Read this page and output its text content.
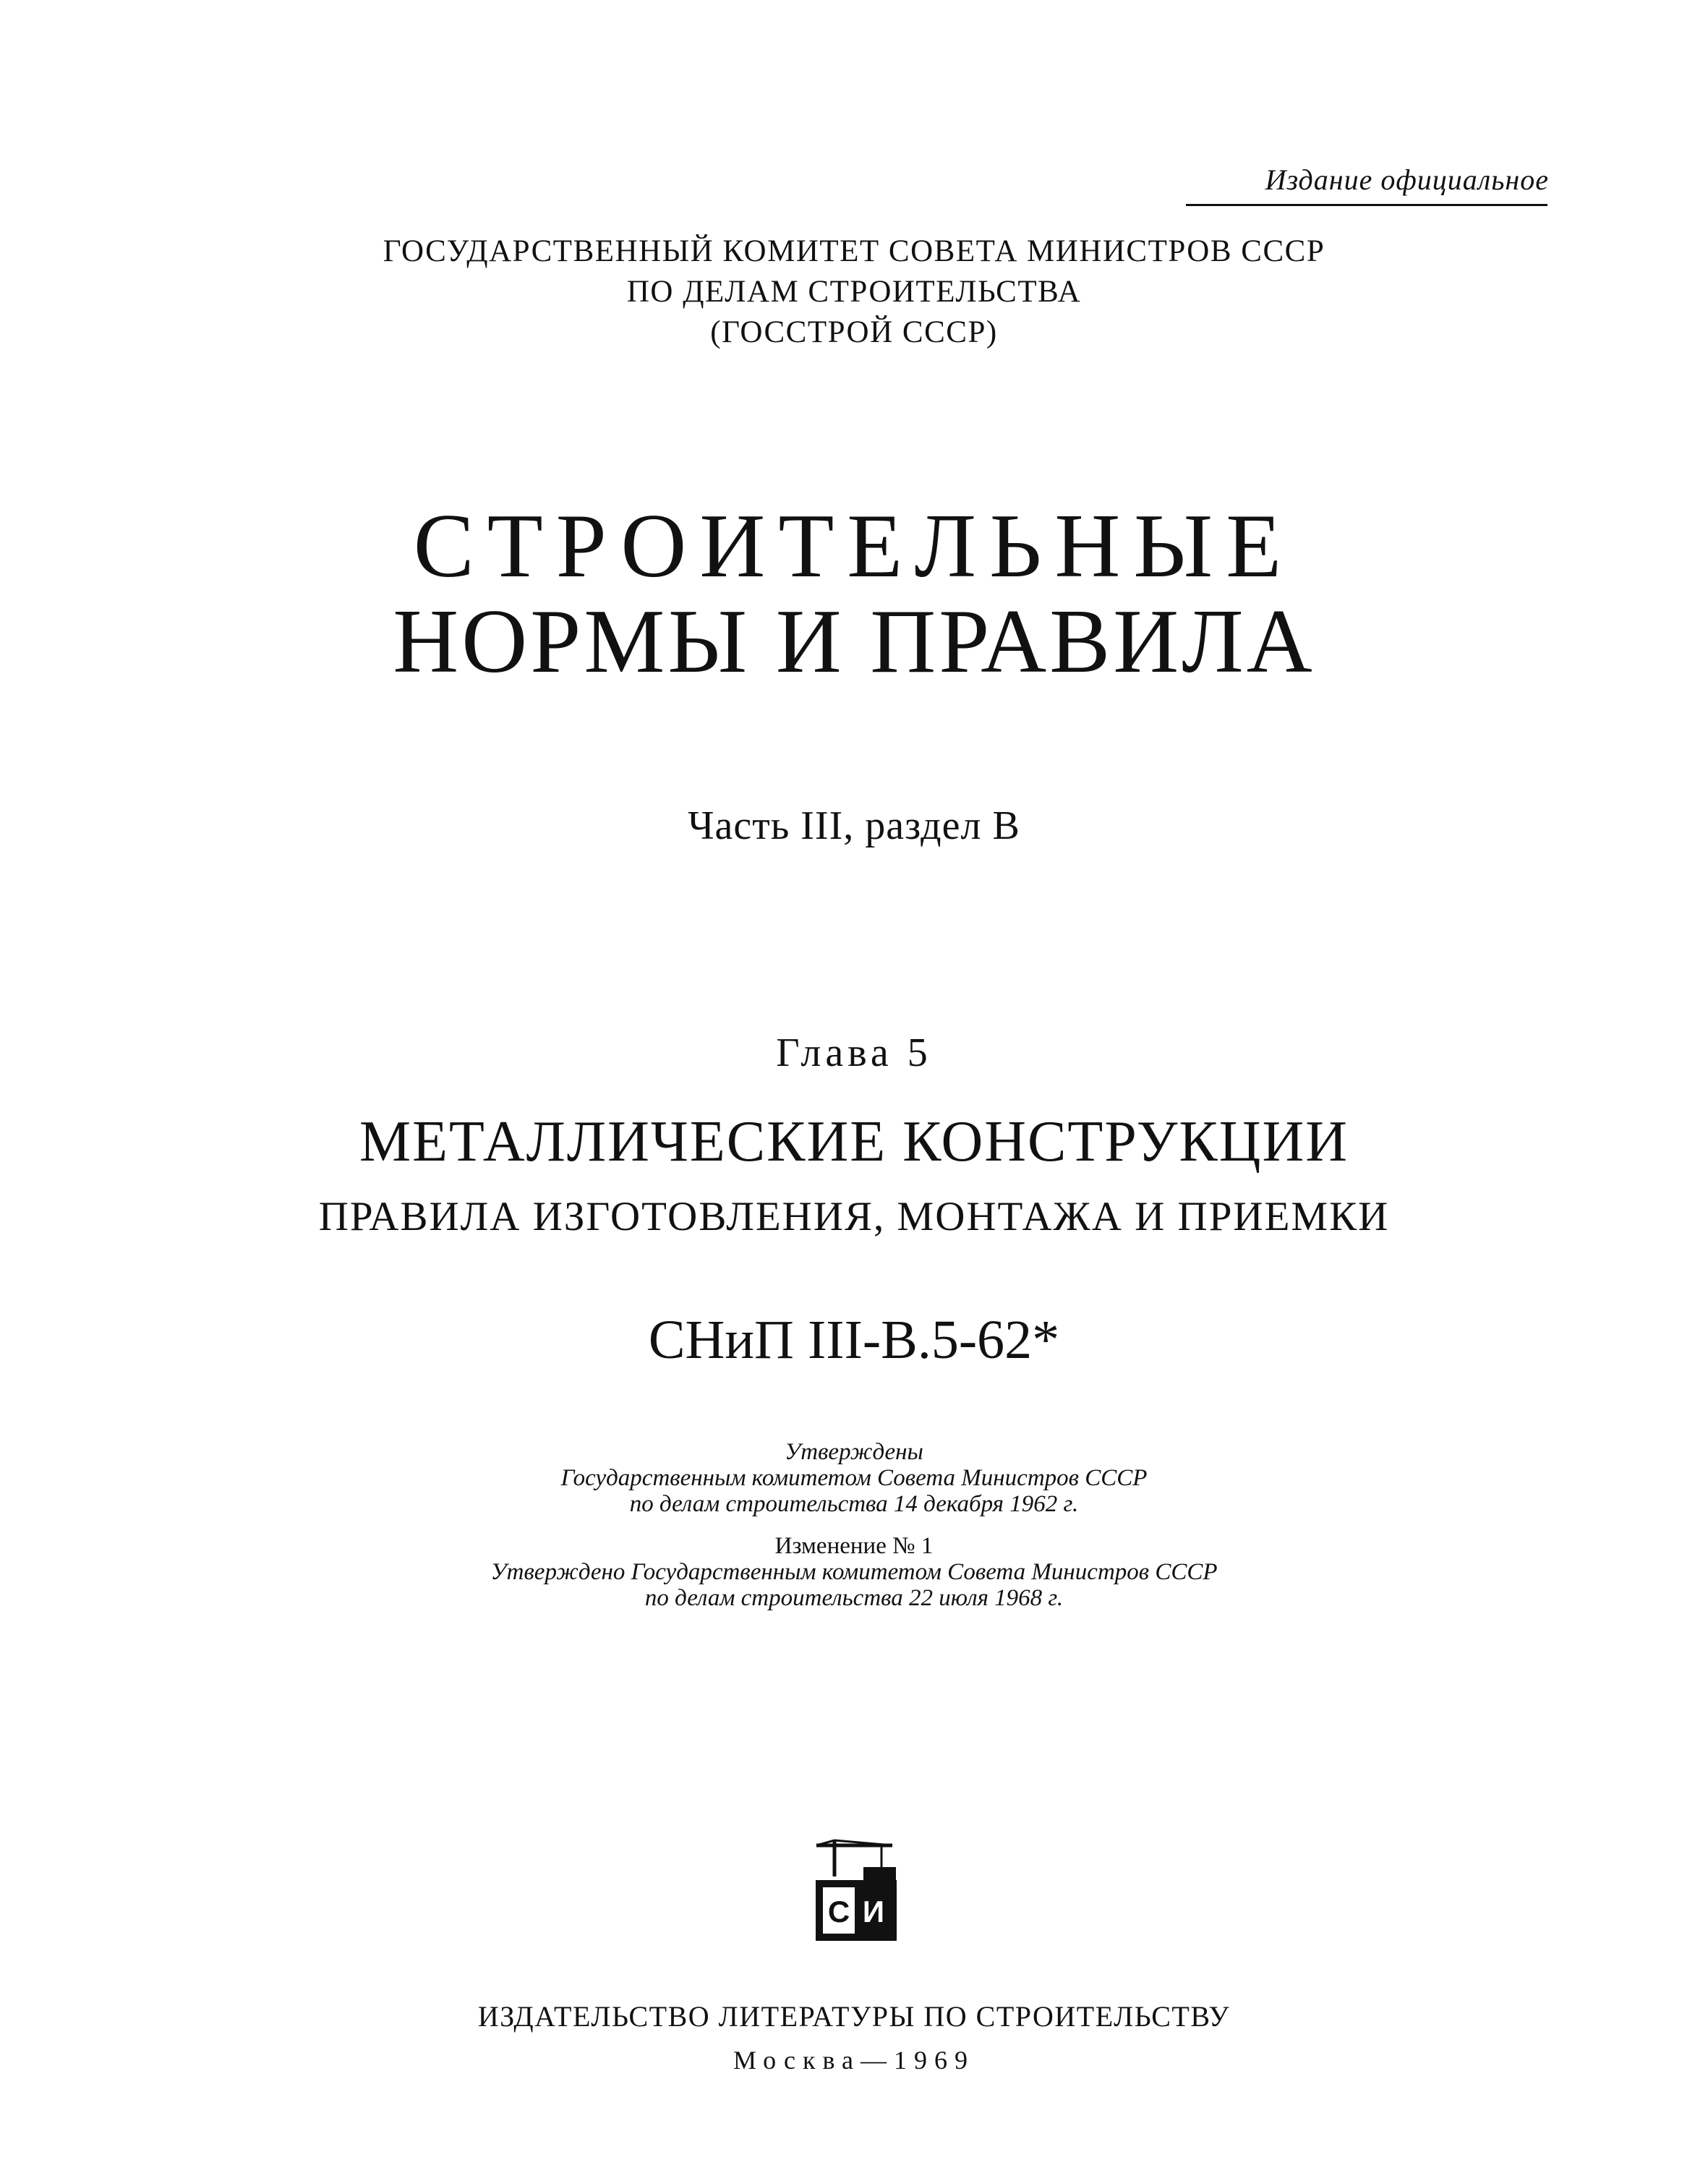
Издание официальное
ГОСУДАРСТВЕННЫЙ КОМИТЕТ СОВЕТА МИНИСТРОВ СССР
ПО ДЕЛАМ СТРОИТЕЛЬСТВА
(ГОССТРОЙ СССР)
СТРОИТЕЛЬНЫЕ
НОРМЫ И ПРАВИЛА
Часть III, раздел В
Глава 5
МЕТАЛЛИЧЕСКИЕ КОНСТРУКЦИИ
ПРАВИЛА ИЗГОТОВЛЕНИЯ, МОНТАЖА И ПРИЕМКИ
СНиП III-В.5-62*
Утверждены
Государственным комитетом Совета Министров СССР
по делам строительства 14 декабря 1962 г.
Изменение № 1
Утверждено Государственным комитетом Совета Министров СССР
по делам строительства 22 июля 1968 г.
С И
ИЗДАТЕЛЬСТВО ЛИТЕРАТУРЫ ПО СТРОИТЕЛЬСТВУ
Москва—1969
